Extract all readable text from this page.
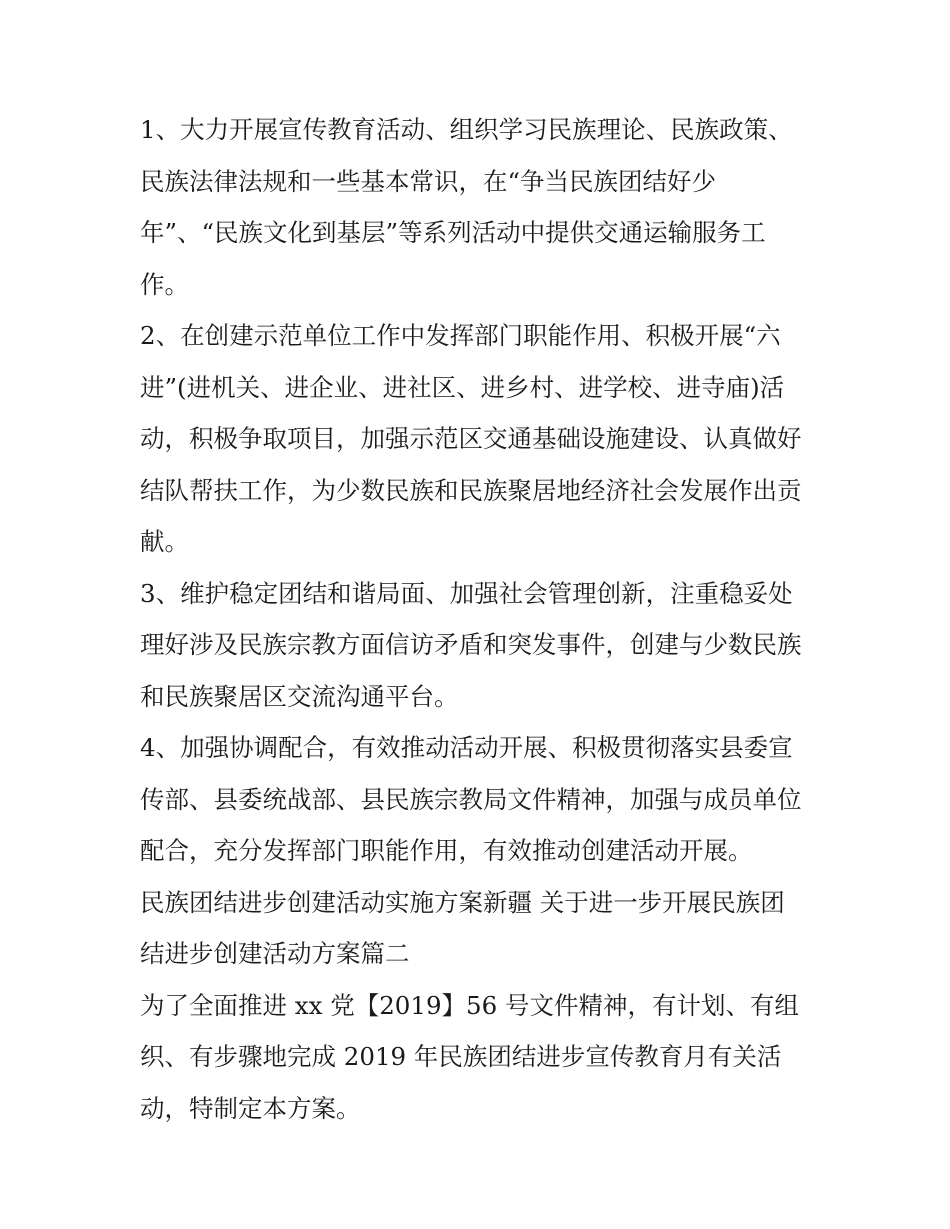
1、大力开展宣传教育活动、组织学习民族理论、民族政策、
民族法律法规和一些基本常识，在“争当民族团结好少
年”、“民族文化到基层”等系列活动中提供交通运输服务工
作。
2、在创建示范单位工作中发挥部门职能作用、积极开展“六
进”(进机关、进企业、进社区、进乡村、进学校、进寺庙)活
动，积极争取项目，加强示范区交通基础设施建设、认真做好
结队帮扶工作，为少数民族和民族聚居地经济社会发展作出贡
献。
3、维护稳定团结和谐局面、加强社会管理创新，注重稳妥处
理好涉及民族宗教方面信访矛盾和突发事件，创建与少数民族
和民族聚居区交流沟通平台。
4、加强协调配合，有效推动活动开展、积极贯彻落实县委宣
传部、县委统战部、县民族宗教局文件精神，加强与成员单位
配合，充分发挥部门职能作用，有效推动创建活动开展。
民族团结进步创建活动实施方案新疆 关于进一步开展民族团
结进步创建活动方案篇二
为了全面推进 xx 党【2019】56 号文件精神，有计划、有组
织、有步骤地完成 2019 年民族团结进步宣传教育月有关活
动，特制定本方案。
